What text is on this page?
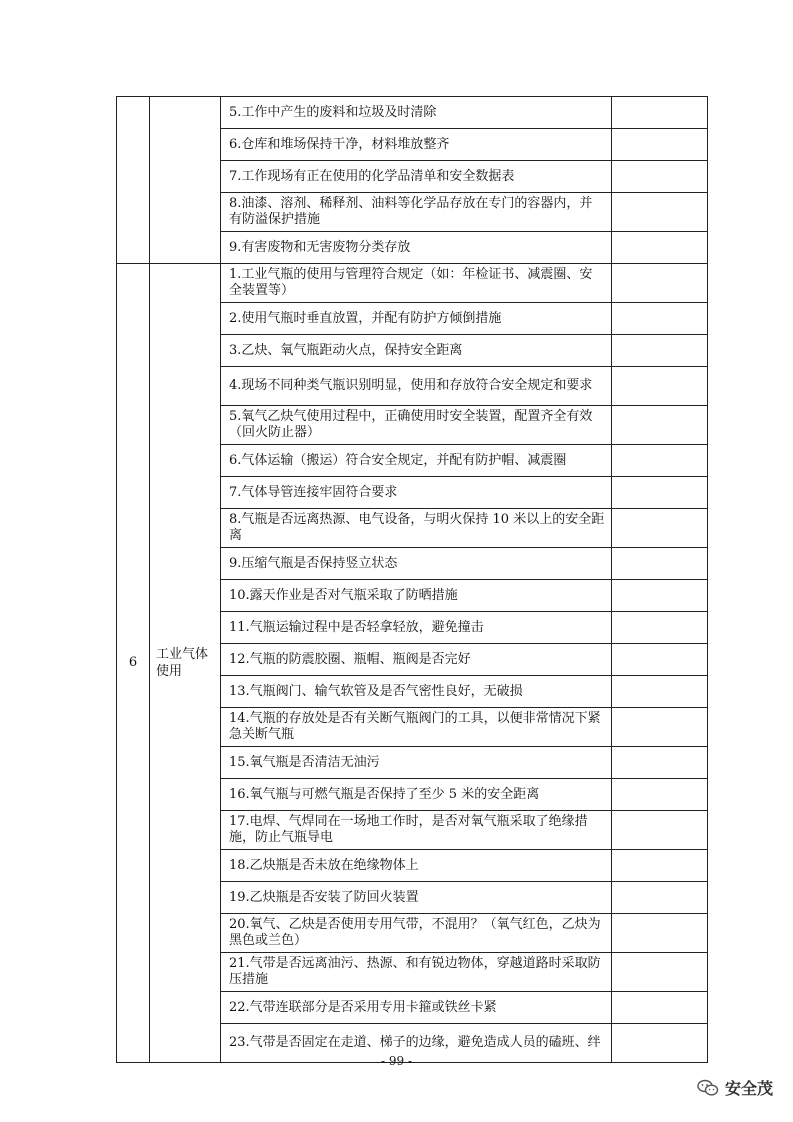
		5.工作中产生的废料和垃圾及时清除	
		6.仓库和堆场保持干净，材料堆放整齐	
		7.工作现场有正在使用的化学品清单和安全数据表	
		8.油漆、溶剂、稀释剂、油料等化学品存放在专门的容器内，并有防溢保护措施	
		9.有害废物和无害废物分类存放	
6	工业气体使用	1.工业气瓶的使用与管理符合规定（如：年检证书、减震圈、安全装置等）	
		2.使用气瓶时垂直放置，并配有防护方倾倒措施	
		3.乙炔、氧气瓶距动火点，保持安全距离	
		4.现场不同种类气瓶识别明显，使用和存放符合安全规定和要求	
		5.氧气乙炔气使用过程中，正确使用时安全装置，配置齐全有效（回火防止器）	
		6.气体运输（搬运）符合安全规定，并配有防护帽、减震圈	
		7.气体导管连接牢固符合要求	
		8.气瓶是否远离热源、电气设备，与明火保持 10 米以上的安全距离	
		9.压缩气瓶是否保持竖立状态	
		10.露天作业是否对气瓶采取了防晒措施	
		11.气瓶运输过程中是否轻拿轻放，避免撞击	
		12.气瓶的防震胶圈、瓶帽、瓶阀是否完好	
		13.气瓶阀门、输气软管及是否气密性良好，无破损	
		14.气瓶的存放处是否有关断气瓶阀门的工具，以便非常情况下紧急关断气瓶	
		15.氧气瓶是否清洁无油污	
		16.氧气瓶与可燃气瓶是否保持了至少 5 米的安全距离	
		17.电焊、气焊同在一场地工作时，是否对氧气瓶采取了绝缘措施，防止气瓶导电	
		18.乙炔瓶是否未放在绝缘物体上	
		19.乙炔瓶是否安装了防回火装置	
		20.氧气、乙炔是否使用专用气带，不混用？（氧气红色，乙炔为黑色或兰色）	
		21.气带是否远离油污、热源、和有锐边物体，穿越道路时采取防压措施	
		22.气带连联部分是否采用专用卡箍或铁丝卡紧	
		23.气带是否固定在走道、梯子的边缘，避免造成人员的磕班、绊	
- 99 -
安全茂
